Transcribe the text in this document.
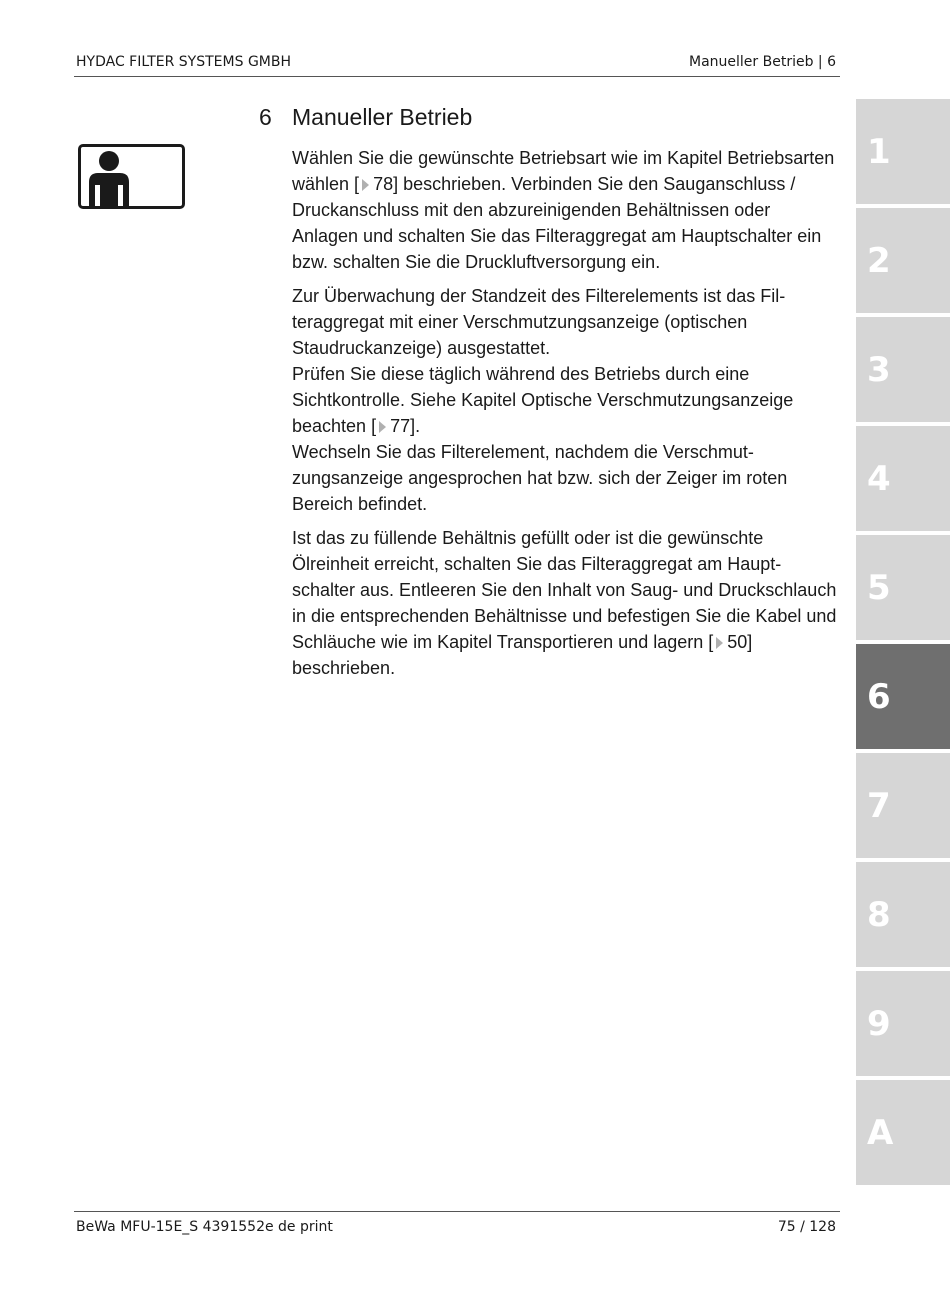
HYDAC FILTER SYSTEMS GMBH	Manueller Betrieb | 6
6 Manueller Betrieb

Wählen Sie die gewünschte Betriebsart wie im Kapitel Betriebsarten wählen [ 78] beschrieben. Verbinden Sie den Sauganschluss / Druckanschluss mit den abzureinigenden Behältnissen oder Anlagen und schalten Sie das Filteraggregat am Hauptschalter ein bzw. schalten Sie die Druckluftversorgung ein.

Zur Überwachung der Standzeit des Filterelements ist das Filteraggregat mit einer Verschmutzungsanzeige (optischen Staudruckanzeige) ausgestattet.
Prüfen Sie diese täglich während des Betriebs durch eine Sichtkontrolle. Siehe Kapitel Optische Verschmutzungsanzeige beachten [ 77].
Wechseln Sie das Filterelement, nachdem die Verschmutzungsanzeige angesprochen hat bzw. sich der Zeiger im roten Bereich befindet.

Ist das zu füllende Behältnis gefüllt oder ist die gewünschte Ölreinheit erreicht, schalten Sie das Filteraggregat am Hauptschalter aus. Entleeren Sie den Inhalt von Saug- und Druckschlauch in die entsprechenden Behältnisse und befestigen Sie die Kabel und Schläuche wie im Kapitel Transportieren und lagern [ 50] beschrieben.

1
2
3
4
5
6
7
8
9
A
BeWa MFU-15E_S 4391552e de print	75 / 128
